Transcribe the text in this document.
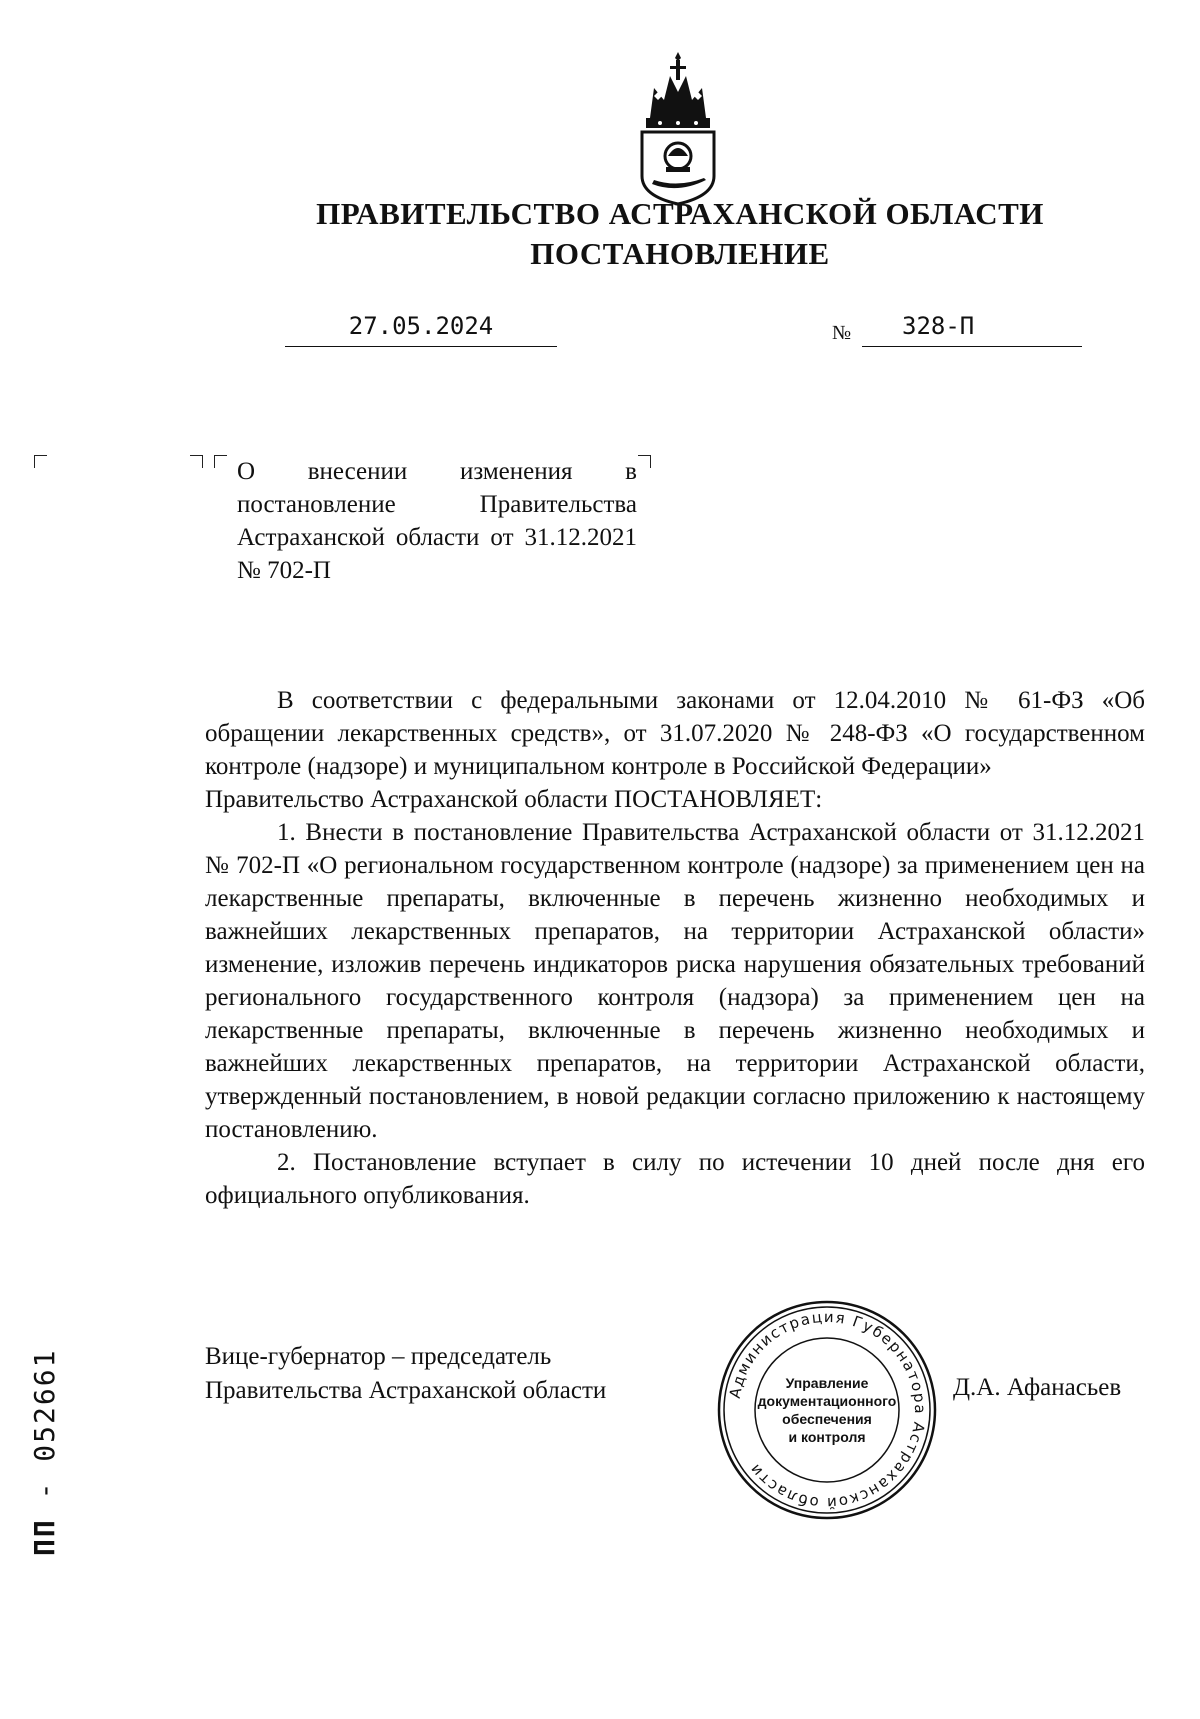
ПРАВИТЕЛЬСТВО АСТРАХАНСКОЙ ОБЛАСТИ
ПОСТАНОВЛЕНИЕ
27.05.2024	№ 328-П
О внесении изменения в постановление Правительства Астраханской области от 31.12.2021 № 702-П

В соответствии с федеральными законами от 12.04.2010 № 61-ФЗ «Об обращении лекарственных средств», от 31.07.2020 № 248-ФЗ «О государственном контроле (надзоре) и муниципальном контроле в Российской Федерации»

Правительство Астраханской области ПОСТАНОВЛЯЕТ:

1. Внести в постановление Правительства Астраханской области от 31.12.2021 № 702-П «О региональном государственном контроле (надзоре) за применением цен на лекарственные препараты, включенные в перечень жизненно необходимых и важнейших лекарственных препаратов, на территории Астраханской области» изменение, изложив перечень индикаторов риска нарушения обязательных требований регионального государственного контроля (надзора) за применением цен на лекарственные препараты, включенные в перечень жизненно необходимых и важнейших лекарственных препаратов, на территории Астраханской области, утвержденный постановлением, в новой редакции согласно приложению к настоящему постановлению.

2. Постановление вступает в силу по истечении 10 дней после дня его официального опубликования.

Вице-губернатор – председатель
Правительства Астраханской области	Д.А. Афанасьев
Администрация Губернатора Астраханской области
Управление
документационного
обеспечения
и контроля
ПП - 052661
